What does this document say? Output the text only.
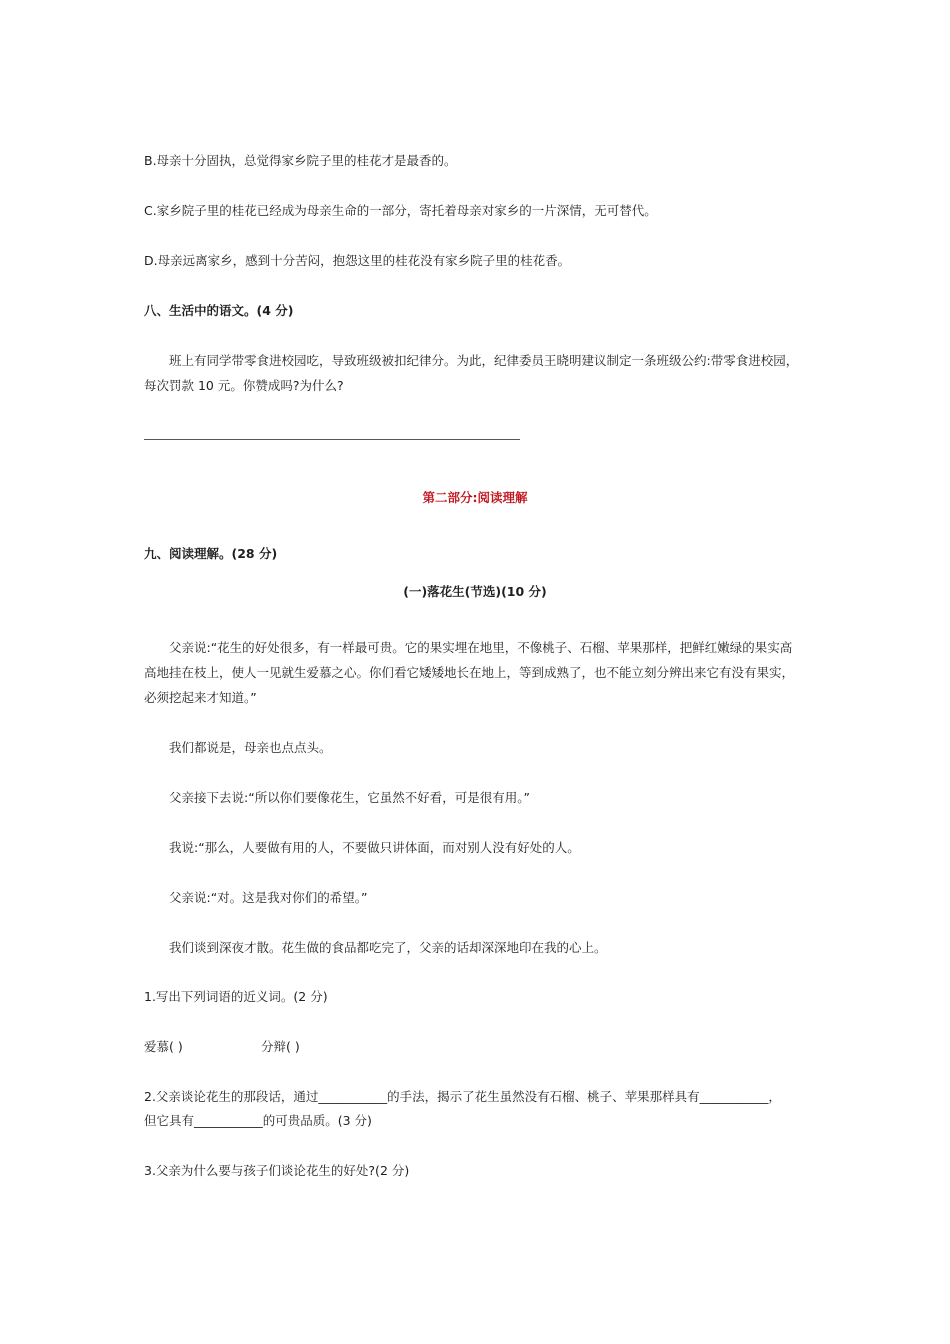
B.母亲十分固执，总觉得家乡院子里的桂花才是最香的。
C.家乡院子里的桂花已经成为母亲生命的一部分，寄托着母亲对家乡的一片深情，无可替代。
D.母亲远离家乡，感到十分苦闷，抱怨这里的桂花没有家乡院子里的桂花香。
八、生活中的语文。(4 分)
班上有同学带零食进校园吃，导致班级被扣纪律分。为此，纪律委员王晓明建议制定一条班级公约:带零食进校园，
每次罚款 10 元。你赞成吗?为什么?
第二部分:阅读理解
九、阅读理解。(28 分)
(一)落花生(节选)(10 分)
父亲说:“花生的好处很多，有一样最可贵。它的果实埋在地里，不像桃子、石榴、苹果那样，把鲜红嫩绿的果实高
高地挂在枝上，使人一见就生爱慕之心。你们看它矮矮地长在地上，等到成熟了，也不能立刻分辨出来它有没有果实，
必须挖起来才知道。”
我们都说是，母亲也点点头。
父亲接下去说:“所以你们要像花生，它虽然不好看，可是很有用。”
我说:“那么，人要做有用的人，不要做只讲体面，而对别人没有好处的人。
父亲说:“对。这是我对你们的希望。”
我们谈到深夜才散。花生做的食品都吃完了，父亲的话却深深地印在我的心上。
1.写出下列词语的近义词。(2 分)
爱慕( )	分辩( )
2.父亲谈论花生的那段话，通过___________的手法，揭示了花生虽然没有石榴、桃子、苹果那样具有___________，
但它具有___________的可贵品质。(3 分)
3.父亲为什么要与孩子们谈论花生的好处?(2 分)
